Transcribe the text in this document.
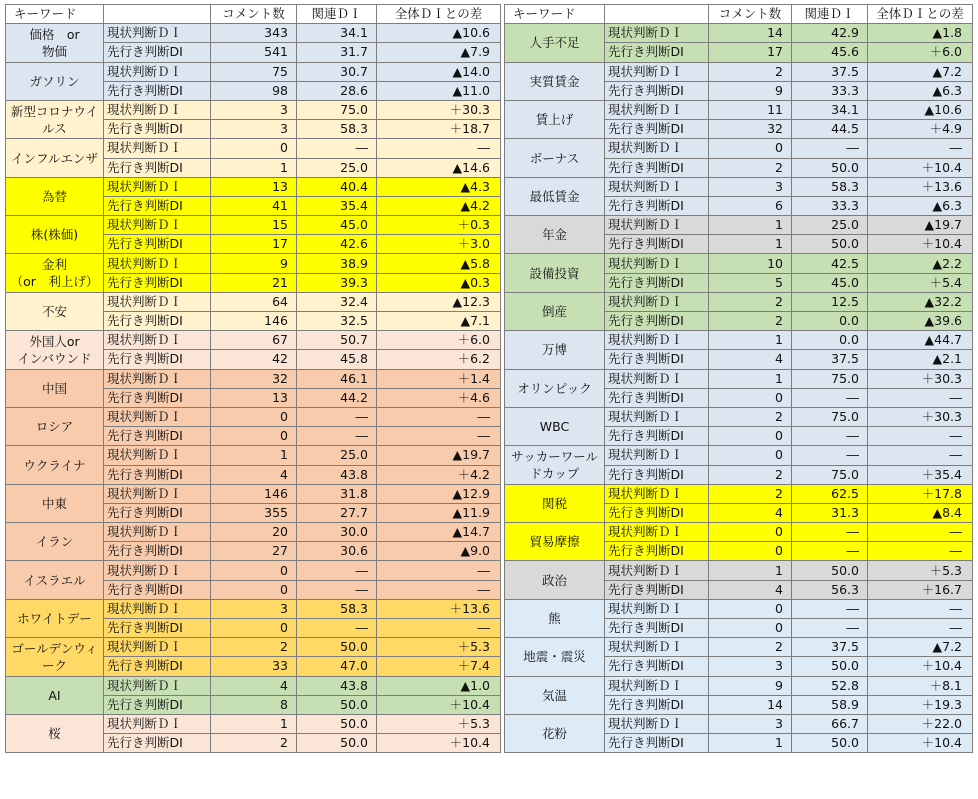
キーワード		コメント数	関連ＤＩ	全体ＤＩとの差
価格　or
物価	現状判断ＤＩ	343	34.1	▲10.6
	先行き判断DI	541	31.7	▲7.9
ガソリン	現状判断ＤＩ	75	30.7	▲14.0
	先行き判断DI	98	28.6	▲11.0
新型コロナウイルス	現状判断ＤＩ	3	75.0	＋30.3
	先行き判断DI	3	58.3	＋18.7
インフルエンザ	現状判断ＤＩ	0	―	―
	先行き判断DI	1	25.0	▲14.6
為替	現状判断ＤＩ	13	40.4	▲4.3
	先行き判断DI	41	35.4	▲4.2
株(株価)	現状判断ＤＩ	15	45.0	＋0.3
	先行き判断DI	17	42.6	＋3.0
金利
（or　利上げ）	現状判断ＤＩ	9	38.9	▲5.8
	先行き判断DI	21	39.3	▲0.3
不安	現状判断ＤＩ	64	32.4	▲12.3
	先行き判断DI	146	32.5	▲7.1
外国人or
インバウンド	現状判断ＤＩ	67	50.7	＋6.0
	先行き判断DI	42	45.8	＋6.2
中国	現状判断ＤＩ	32	46.1	＋1.4
	先行き判断DI	13	44.2	＋4.6
ロシア	現状判断ＤＩ	0	―	―
	先行き判断DI	0	―	―
ウクライナ	現状判断ＤＩ	1	25.0	▲19.7
	先行き判断DI	4	43.8	＋4.2
中東	現状判断ＤＩ	146	31.8	▲12.9
	先行き判断DI	355	27.7	▲11.9
イラン	現状判断ＤＩ	20	30.0	▲14.7
	先行き判断DI	27	30.6	▲9.0
イスラエル	現状判断ＤＩ	0	―	―
	先行き判断DI	0	―	―
ホワイトデー	現状判断ＤＩ	3	58.3	＋13.6
	先行き判断DI	0	―	―
ゴールデンウィーク	現状判断ＤＩ	2	50.0	＋5.3
	先行き判断DI	33	47.0	＋7.4
AI	現状判断ＤＩ	4	43.8	▲1.0
	先行き判断DI	8	50.0	＋10.4
桜	現状判断ＤＩ	1	50.0	＋5.3
	先行き判断DI	2	50.0	＋10.4
キーワード		コメント数	関連ＤＩ	全体ＤＩとの差
人手不足	現状判断ＤＩ	14	42.9	▲1.8
	先行き判断DI	17	45.6	＋6.0
実質賃金	現状判断ＤＩ	2	37.5	▲7.2
	先行き判断DI	9	33.3	▲6.3
賃上げ	現状判断ＤＩ	11	34.1	▲10.6
	先行き判断DI	32	44.5	＋4.9
ボーナス	現状判断ＤＩ	0	―	―
	先行き判断DI	2	50.0	＋10.4
最低賃金	現状判断ＤＩ	3	58.3	＋13.6
	先行き判断DI	6	33.3	▲6.3
年金	現状判断ＤＩ	1	25.0	▲19.7
	先行き判断DI	1	50.0	＋10.4
設備投資	現状判断ＤＩ	10	42.5	▲2.2
	先行き判断DI	5	45.0	＋5.4
倒産	現状判断ＤＩ	2	12.5	▲32.2
	先行き判断DI	2	0.0	▲39.6
万博	現状判断ＤＩ	1	0.0	▲44.7
	先行き判断DI	4	37.5	▲2.1
オリンピック	現状判断ＤＩ	1	75.0	＋30.3
	先行き判断DI	0	―	―
WBC	現状判断ＤＩ	2	75.0	＋30.3
	先行き判断DI	0	―	―
サッカーワールドカップ	現状判断ＤＩ	0	―	―
	先行き判断DI	2	75.0	＋35.4
関税	現状判断ＤＩ	2	62.5	＋17.8
	先行き判断DI	4	31.3	▲8.4
貿易摩擦	現状判断ＤＩ	0	―	―
	先行き判断DI	0	―	―
政治	現状判断ＤＩ	1	50.0	＋5.3
	先行き判断DI	4	56.3	＋16.7
熊	現状判断ＤＩ	0	―	―
	先行き判断DI	0	―	―
地震・震災	現状判断ＤＩ	2	37.5	▲7.2
	先行き判断DI	3	50.0	＋10.4
気温	現状判断ＤＩ	9	52.8	＋8.1
	先行き判断DI	14	58.9	＋19.3
花粉	現状判断ＤＩ	3	66.7	＋22.0
	先行き判断DI	1	50.0	＋10.4
